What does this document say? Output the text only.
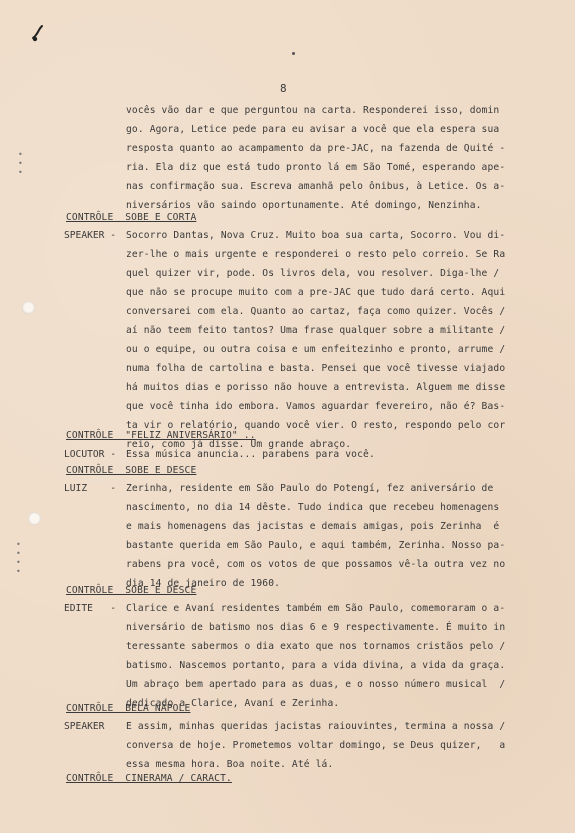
•
•
•
•
•
•
•
8
vocês vão dar e que perguntou na carta. Responderei isso, domin
go. Agora, Letice pede para eu avisar a você que ela espera sua
resposta quanto ao acampamento da pre-JAC, na fazenda de Quité -
ria. Ela diz que está tudo pronto lá em São Tomé, esperando ape-
nas confirmação sua. Escreva amanhã pelo ônibus, à Letice. Os a-
niversários vão saindo oportunamente. Até domingo, Nenzinha.
CONTRÔLE  SOBE E CORTA
SPEAKER - Socorro Dantas, Nova Cruz. Muito boa sua carta, Socorro. Vou di-
zer-lhe o mais urgente e responderei o resto pelo correio. Se Ra
quel quizer vir, pode. Os livros dela, vou resolver. Diga-lhe /
que não se procupe muito com a pre-JAC que tudo dará certo. Aqui
conversarei com ela. Quanto ao cartaz, faça como quizer. Vocês /
aí não teem feito tantos? Uma frase qualquer sobre a militante /
ou o equipe, ou outra coisa e um enfeitezinho e pronto, arrume /
numa folha de cartolina e basta. Pensei que você tivesse viajado
há muitos dias e porisso não houve a entrevista. Alguem me disse
que você tinha ido embora. Vamos aguardar fevereiro, não é? Bas-
ta vir o relatório, quando você vier. O resto, respondo pelo cor
reio, como já disse. Um grande abraço.
CONTRÔLE  "FELIZ ANIVERSÁRIO" ..
LOCUTOR - Essa música anuncia... parabens para você.
CONTRÔLE  SOBE E DESCE
LUIZ    - Zerinha, residente em São Paulo do Potengí, fez aniversário de
nascimento, no dia 14 dêste. Tudo indica que recebeu homenagens
e mais homenagens das jacistas e demais amigas, pois Zerinha  é
bastante querida em São Paulo, e aqui também, Zerinha. Nosso pa-
rabens pra você, com os votos de que possamos vê-la outra vez no
dia 14 de janeiro de 1960.
CONTRÔLE  SOBE E DESCE
EDITE   - Clarice e Avaní residentes também em São Paulo, comemoraram o a-
niversário de batismo nos dias 6 e 9 respectivamente. É muito in
teressante sabermos o dia exato que nos tornamos cristãos pelo /
batismo. Nascemos portanto, para a vida divina, a vida da graça.
Um abraço bem apertado para as duas, e o nosso número musical  /
dedicado a Clarice, Avaní e Zerinha.
CONTRÔLE  BELA NÁPOLE
SPEAKER E assim, minhas queridas jacistas raiouvintes, termina a nossa /
conversa de hoje. Prometemos voltar domingo, se Deus quizer,   a
essa mesma hora. Boa noite. Até lá.
CONTRÔLE  CINERAMA / CARACT.
